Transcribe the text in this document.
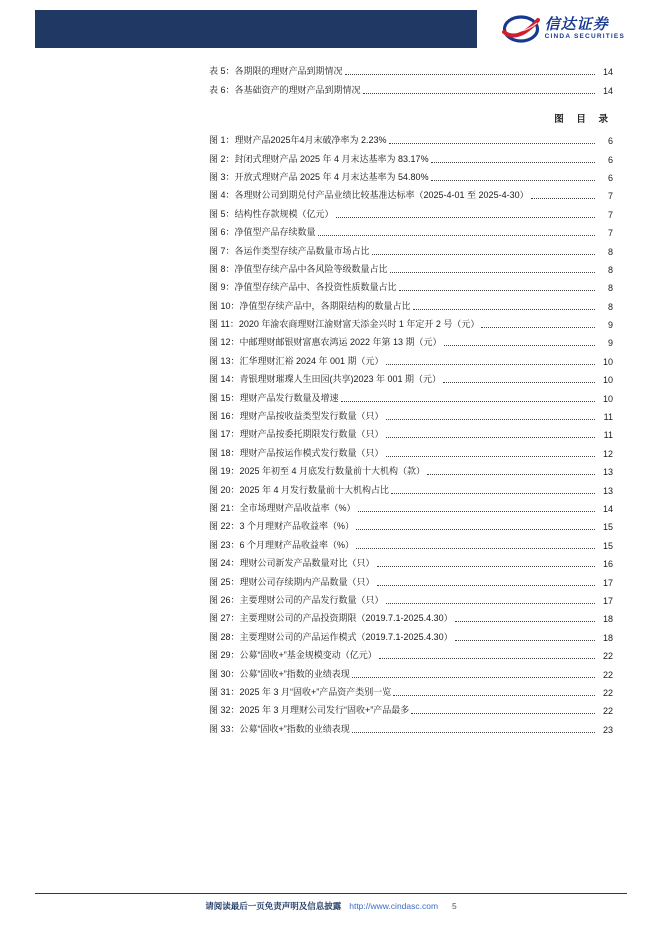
信达证券
CINDA SECURITIES
表 5： 各期限的理财产品到期情况	14
表 6： 各基础资产的理财产品到期情况	14
图 目 录
图 1： 理财产品2025年4月末破净率为 2.23%	6
图 2： 封闭式理财产品 2025 年 4 月末达基率为 83.17%	6
图 3： 开放式理财产品 2025 年 4 月末达基率为 54.80%	6
图 4： 各理财公司到期兑付产品业绩比较基准达标率（2025-4-01 至 2025-4-30）	7
图 5： 结构性存款规模（亿元）	7
图 6： 净值型产品存续数量	7
图 7： 各运作类型存续产品数量市场占比	8
图 8： 净值型存续产品中各风险等级数量占比	8
图 9： 净值型存续产品中、各投资性质数量占比	8
图 10： 净值型存续产品中，各期限结构的数量占比	8
图 11： 2020 年渝农商理财江渝财富天添金兴时 1 年定开 2 号（元）	9
图 12： 中邮理财邮银财富惠农鸿运 2022 年第 13 期（元）	9
图 13： 汇华理财汇裕 2024 年 001 期（元）	10
图 14： 青银理财璀璨人生田园(共享)2023 年 001 期（元）	10
图 15： 理财产品发行数量及增速	10
图 16： 理财产品按收益类型发行数量（只）	11
图 17： 理财产品按委托期限发行数量（只）	11
图 18： 理财产品按运作模式发行数量（只）	12
图 19： 2025 年初至 4 月底发行数量前十大机构（款）	13
图 20： 2025 年 4 月发行数量前十大机构占比	13
图 21： 全市场理财产品收益率（%）	14
图 22： 3 个月理财产品收益率（%）	15
图 23： 6 个月理财产品收益率（%）	15
图 24： 理财公司新发产品数量对比（只）	16
图 25： 理财公司存续期内产品数量（只）	17
图 26： 主要理财公司的产品发行数量（只）	17
图 27： 主要理财公司的产品投资期限（2019.7.1-2025.4.30）	18
图 28： 主要理财公司的产品运作模式（2019.7.1-2025.4.30）	18
图 29： 公募“固收+”基金规模变动（亿元）	22
图 30： 公募“固收+”指数的业绩表现	22
图 31： 2025 年 3 月“固收+”产品资产类别一览	22
图 32： 2025 年 3 月理财公司发行“固收+”产品最多	22
图 33： 公募“固收+”指数的业绩表现	23
请阅读最后一页免责声明及信息披露 http://www.cindasc.com 5
